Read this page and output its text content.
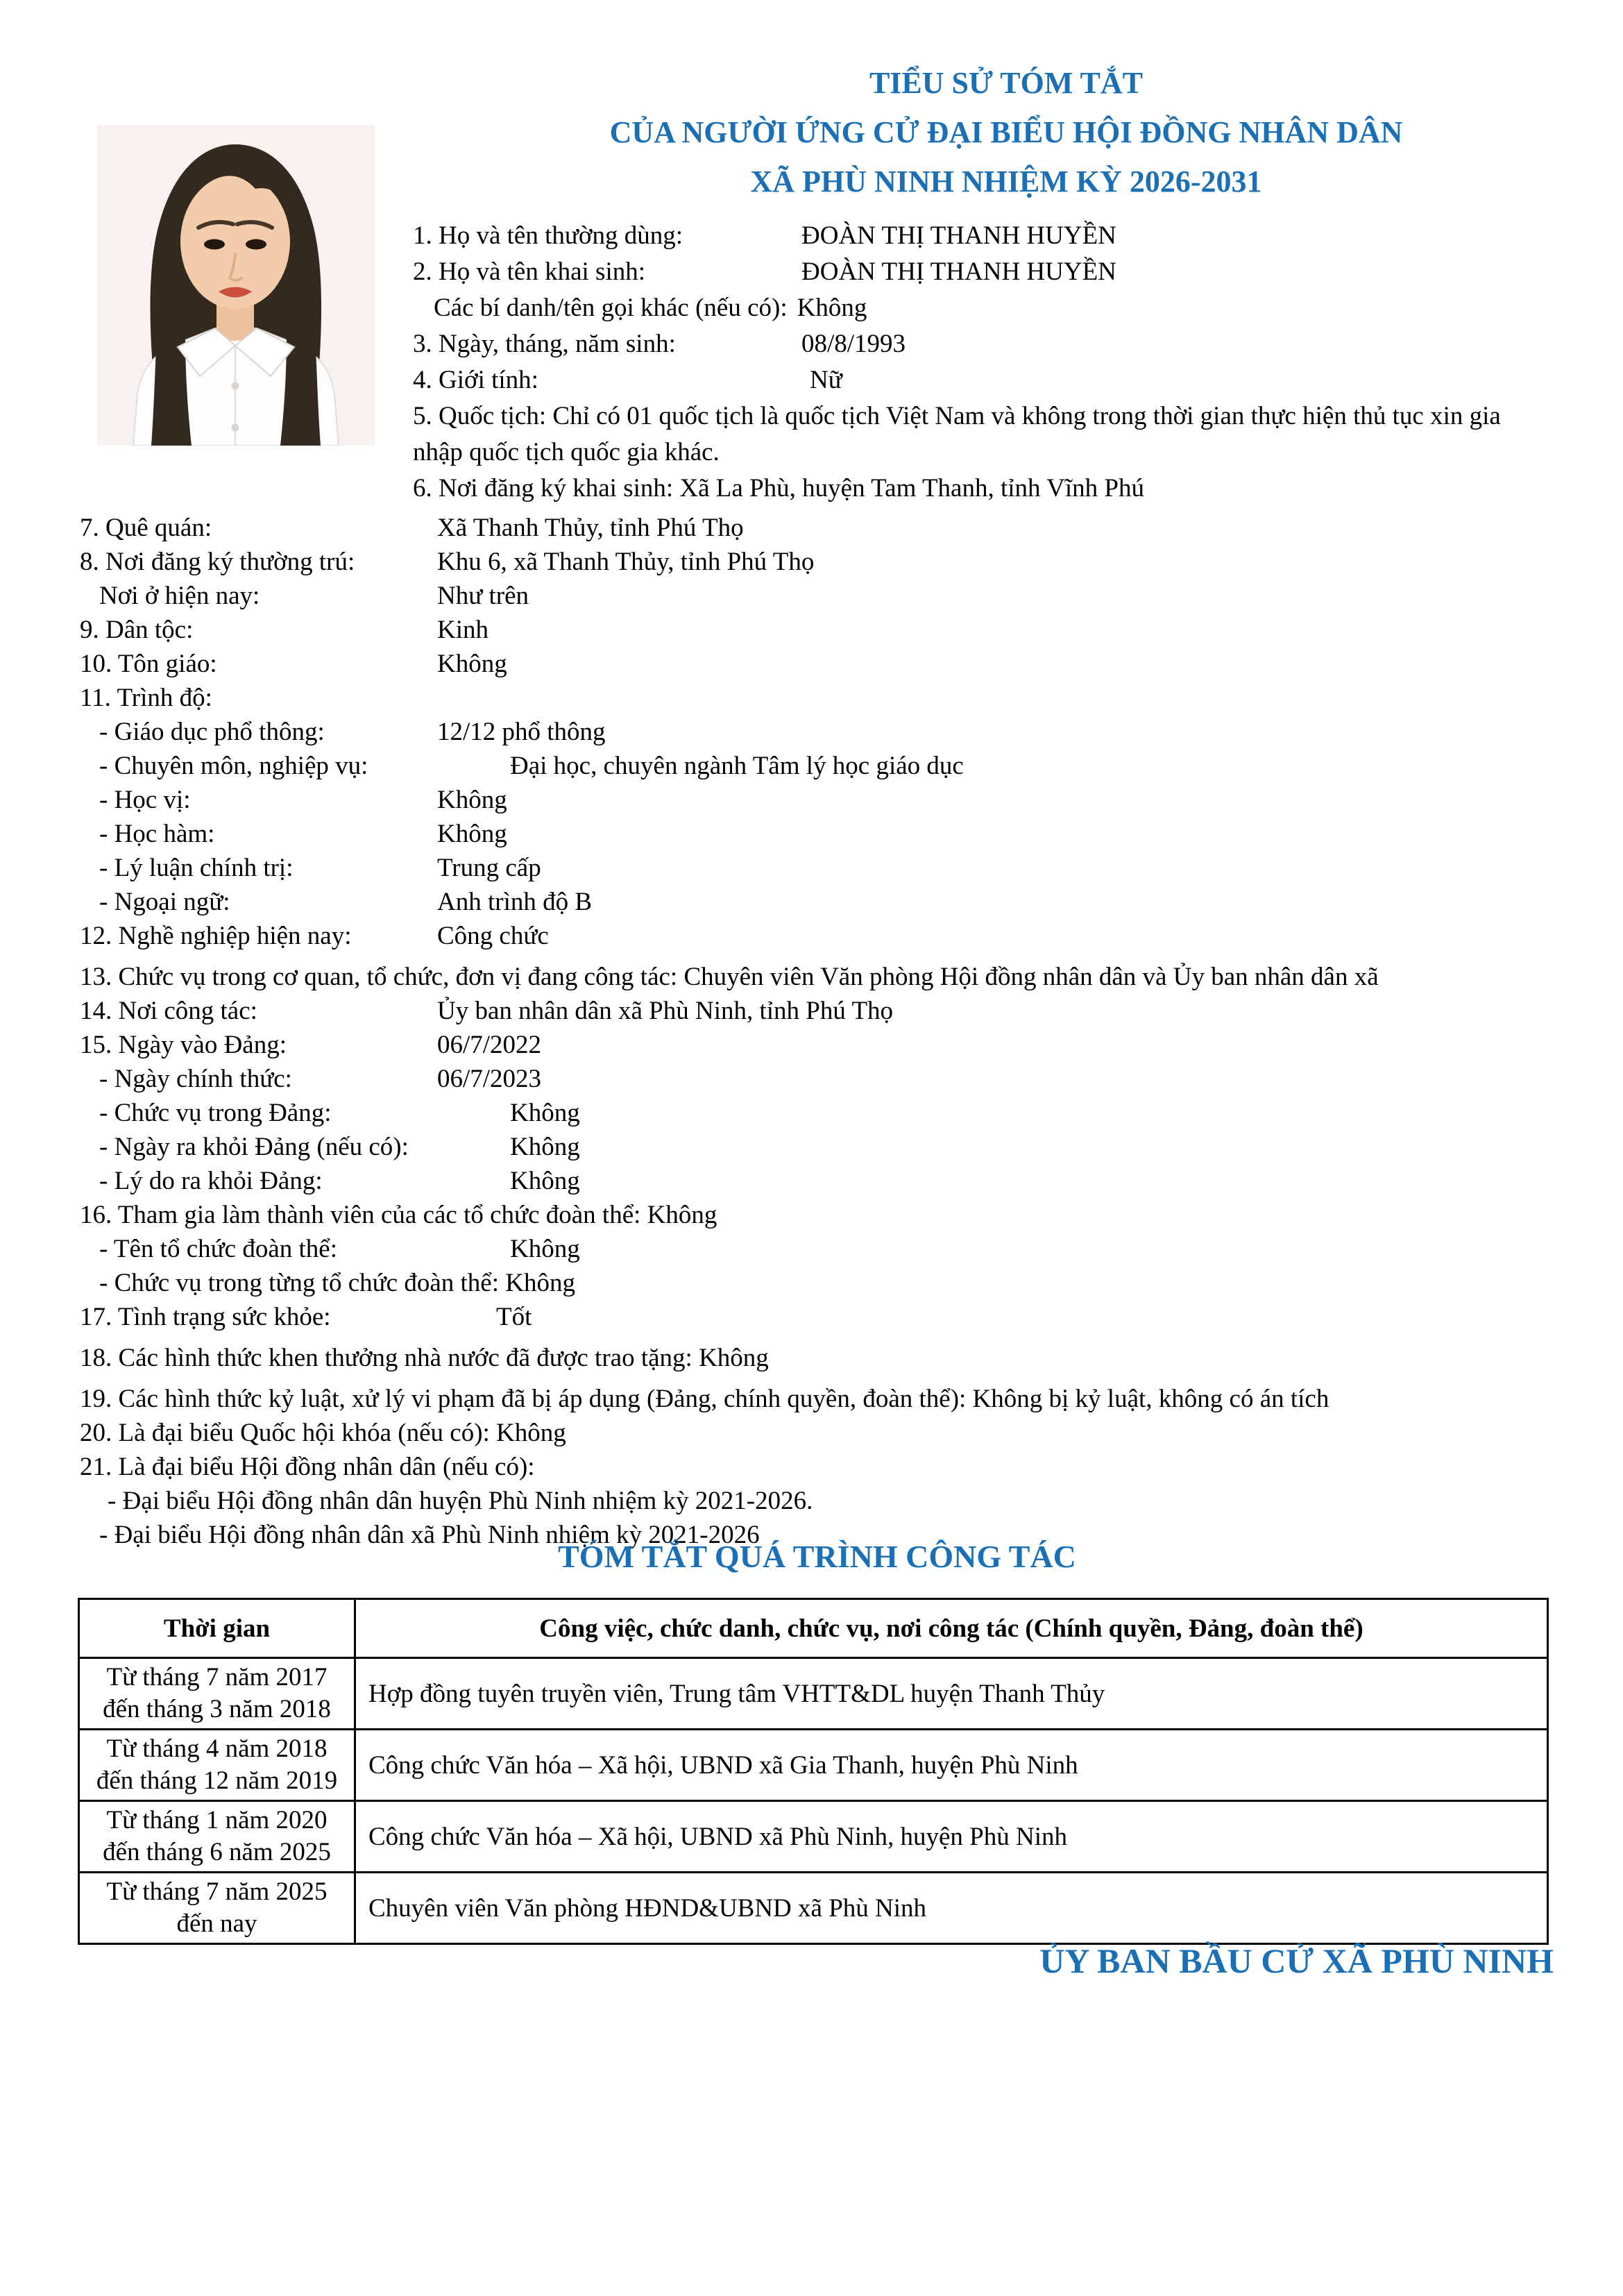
TIỂU SỬ TÓM TẮT
CỦA NGƯỜI ỨNG CỬ ĐẠI BIỂU HỘI ĐỒNG NHÂN DÂN
XÃ PHÙ NINH NHIỆM KỲ 2026-2031
1. Họ và tên thường dùng:	ĐOÀN THỊ THANH HUYỀN
2. Họ và tên khai sinh:	ĐOÀN THỊ THANH HUYỀN
Các bí danh/tên gọi khác (nếu có): Không
3. Ngày, tháng, năm sinh:	08/8/1993
4. Giới tính:	Nữ
5. Quốc tịch: Chỉ có 01 quốc tịch là quốc tịch Việt Nam và không trong thời gian thực hiện thủ tục xin gia nhập quốc tịch quốc gia khác.
6. Nơi đăng ký khai sinh: Xã La Phù, huyện Tam Thanh, tỉnh Vĩnh Phú
7. Quê quán:	Xã Thanh Thủy, tỉnh Phú Thọ
8. Nơi đăng ký thường trú:	Khu 6, xã Thanh Thủy, tỉnh Phú Thọ
Nơi ở hiện nay:	Như trên
9. Dân tộc:	Kinh
10. Tôn giáo:	Không
11. Trình độ:
- Giáo dục phổ thông:	12/12 phổ thông
- Chuyên môn, nghiệp vụ:	Đại học, chuyên ngành Tâm lý học giáo dục
- Học vị:	Không
- Học hàm:	Không
- Lý luận chính trị:	Trung cấp
- Ngoại ngữ:	Anh trình độ B
12. Nghề nghiệp hiện nay:	Công chức
13. Chức vụ trong cơ quan, tổ chức, đơn vị đang công tác: Chuyên viên Văn phòng Hội đồng nhân dân và Ủy ban nhân dân xã
14. Nơi công tác:	Ủy ban nhân dân xã Phù Ninh, tỉnh Phú Thọ
15. Ngày vào Đảng:	06/7/2022
- Ngày chính thức:	06/7/2023
- Chức vụ trong Đảng:	Không
- Ngày ra khỏi Đảng (nếu có):	Không
- Lý do ra khỏi Đảng:	Không
16. Tham gia làm thành viên của các tổ chức đoàn thể: Không
- Tên tổ chức đoàn thể:	Không
- Chức vụ trong từng tổ chức đoàn thể: Không
17. Tình trạng sức khỏe:	Tốt
18. Các hình thức khen thưởng nhà nước đã được trao tặng: Không
19. Các hình thức kỷ luật, xử lý vi phạm đã bị áp dụng (Đảng, chính quyền, đoàn thể): Không bị kỷ luật, không có án tích
20. Là đại biểu Quốc hội khóa (nếu có): Không
21. Là đại biểu Hội đồng nhân dân (nếu có):
- Đại biểu Hội đồng nhân dân huyện Phù Ninh nhiệm kỳ 2021-2026.
- Đại biểu Hội đồng nhân dân xã Phù Ninh nhiệm kỳ 2021-2026
TÓM TẮT QUÁ TRÌNH CÔNG TÁC
Thời gian	Công việc, chức danh, chức vụ, nơi công tác (Chính quyền, Đảng, đoàn thể)

Từ tháng 7 năm 2017
đến tháng 3 năm 2018	Hợp đồng tuyên truyền viên, Trung tâm VHTT&DL huyện Thanh Thủy

Từ tháng 4 năm 2018
đến tháng 12 năm 2019	Công chức Văn hóa – Xã hội, UBND xã Gia Thanh, huyện Phù Ninh

Từ tháng 1 năm 2020
đến tháng 6 năm 2025	Công chức Văn hóa – Xã hội, UBND xã Phù Ninh, huyện Phù Ninh

Từ tháng 7 năm 2025
đến nay	Chuyên viên Văn phòng HĐND&UBND xã Phù Ninh
ỦY BAN BẦU CỬ XÃ PHÙ NINH
